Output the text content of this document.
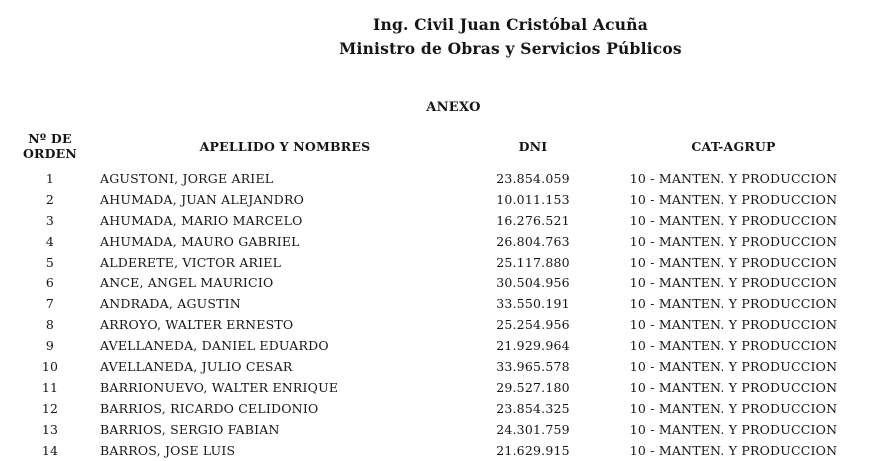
Ing. Civil Juan Cristóbal Acuña
Ministro de Obras y Servicios Públicos
ANEXO
Nº DE
ORDEN	APELLIDO Y NOMBRES	DNI	CAT-AGRUP
1	AGUSTONI, JORGE ARIEL	23.854.059	10 - MANTEN. Y PRODUCCION
2	AHUMADA, JUAN ALEJANDRO	10.011.153	10 - MANTEN. Y PRODUCCION
3	AHUMADA, MARIO MARCELO	16.276.521	10 - MANTEN. Y PRODUCCION
4	AHUMADA, MAURO GABRIEL	26.804.763	10 - MANTEN. Y PRODUCCION
5	ALDERETE, VICTOR ARIEL	25.117.880	10 - MANTEN. Y PRODUCCION
6	ANCE, ANGEL MAURICIO	30.504.956	10 - MANTEN. Y PRODUCCION
7	ANDRADA, AGUSTIN	33.550.191	10 - MANTEN. Y PRODUCCION
8	ARROYO, WALTER ERNESTO	25.254.956	10 - MANTEN. Y PRODUCCION
9	AVELLANEDA, DANIEL EDUARDO	21.929.964	10 - MANTEN. Y PRODUCCION
10	AVELLANEDA, JULIO CESAR	33.965.578	10 - MANTEN. Y PRODUCCION
11	BARRIONUEVO, WALTER ENRIQUE	29.527.180	10 - MANTEN. Y PRODUCCION
12	BARRIOS, RICARDO CELIDONIO	23.854.325	10 - MANTEN. Y PRODUCCION
13	BARRIOS, SERGIO FABIAN	24.301.759	10 - MANTEN. Y PRODUCCION
14	BARROS, JOSE LUIS	21.629.915	10 - MANTEN. Y PRODUCCION
